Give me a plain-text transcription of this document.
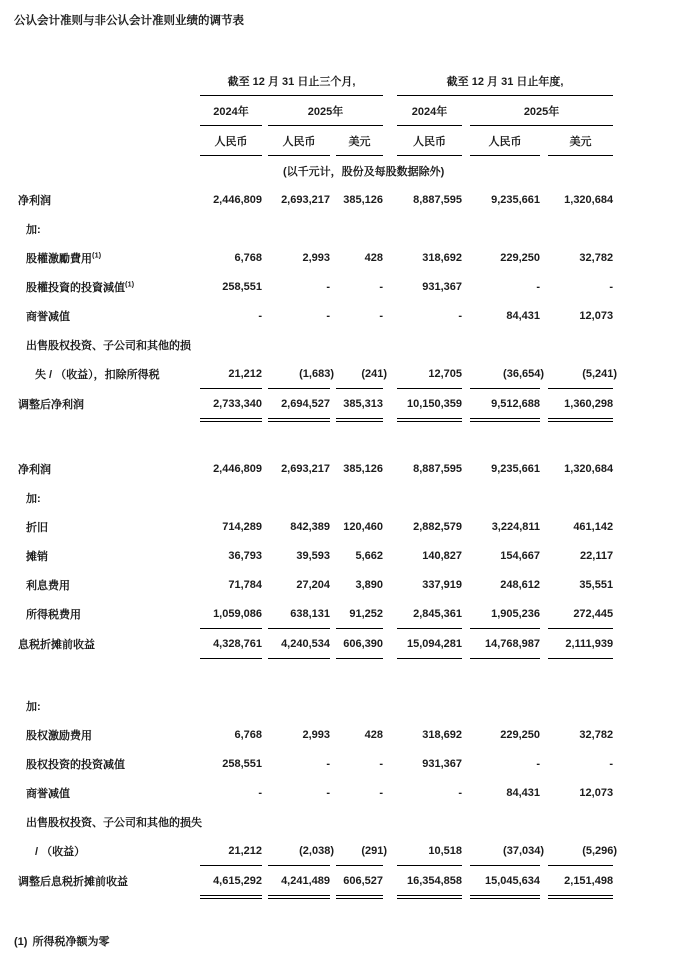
公认会计准则与非公认会计准则业绩的调节表
	截至 12 月 31 日止三个月,						截至 12 月 31 日止年度,				
	2024年		2025年				2024年		2025年		
	人民币		人民币		美元		人民币		人民币		美元
(以千元计，股份及每股数据除外)											
净利润	2,446,809		2,693,217		385,126		8,887,595		9,235,661		1,320,684
加:											
股權激勵費用$^{(1)}$	6,768		2,993		428		318,692		229,250		32,782
股權投資的投資減值$^{(1)}$	258,551		-		-		931,367		-		-
商誉减值	-		-		-		-		84,431		12,073
出售股权投资、子公司和其他的损											
失 / （收益），扣除所得税	21,212		(1,683)		(241)		12,705		(36,654)		(5,241)
调整后净利润	2,733,340		2,694,527		385,313		10,150,359		9,512,688		1,360,298

净利润	2,446,809		2,693,217		385,126		8,887,595		9,235,661		1,320,684
加:											
折旧	714,289		842,389		120,460		2,882,579		3,224,811		461,142
摊销	36,793		39,593		5,662		140,827		154,667		22,117
利息费用	71,784		27,204		3,890		337,919		248,612		35,551
所得税费用	1,059,086		638,131		91,252		2,845,361		1,905,236		272,445
息税折摊前收益	4,328,761		4,240,534		606,390		15,094,281		14,768,987		2,111,939

加:											
股权激励费用	6,768		2,993		428		318,692		229,250		32,782
股权投资的投资减值	258,551		-		-		931,367		-		-
商誉减值	-		-		-		-		84,431		12,073
出售股权投资、子公司和其他的损失											
/ （收益）	21,212		(2,038)		(291)		10,518		(37,034)		(5,296)
调整后息税折摊前收益	4,615,292		4,241,489		606,527		16,354,858		15,045,634		2,151,498
(1) 所得税净额为零
